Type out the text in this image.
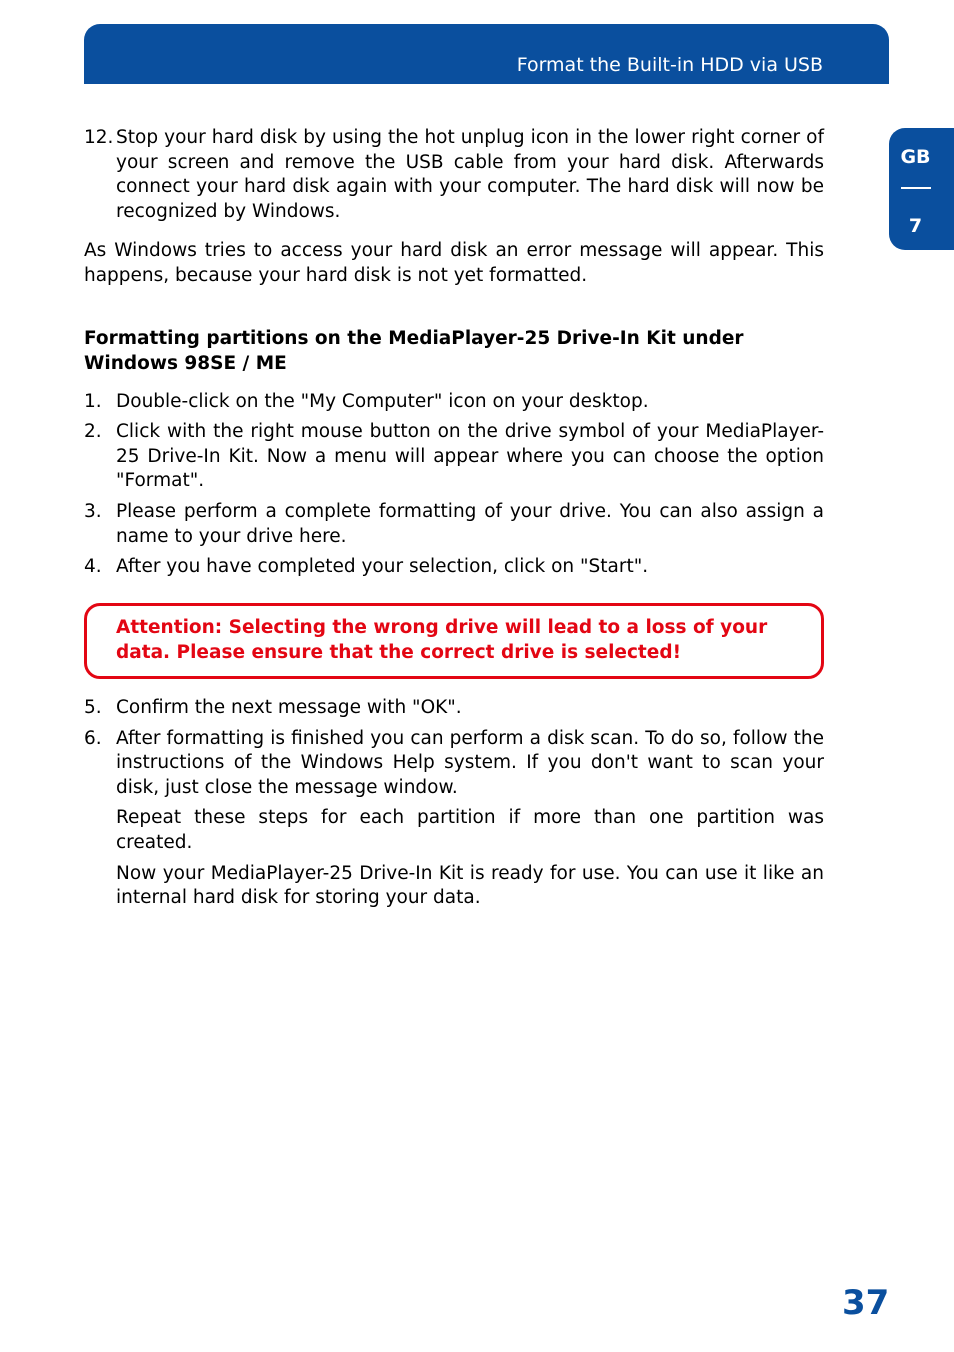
Format the Built-in HDD via USB
GB
7
12. Stop your hard disk by using the hot unplug icon in the lower right corner of your screen and remove the USB cable from your hard disk. Afterwards connect your hard disk again with your computer. The hard disk will now be recognized by Windows.

As Windows tries to access your hard disk an error message will appear. This happens, because your hard disk is not yet formatted.

Formatting partitions on the MediaPlayer-25 Drive-In Kit under Windows 98SE / ME

1. Double-click on the "My Computer" icon on your desktop.

2. Click with the right mouse button on the drive symbol of your MediaPlayer-25 Drive-In Kit. Now a menu will appear where you can choose the option "Format".

3. Please perform a complete formatting of your drive. You can also assign a name to your drive here.

4. After you have completed your selection, click on "Start".

Attention: Selecting the wrong drive will lead to a loss of your data. Please ensure that the correct drive is selected!

5. Confirm the next message with "OK".

6. After formatting is finished you can perform a disk scan. To do so, follow the instructions of the Windows Help system. If you don't want to scan your disk, just close the message window.

Repeat these steps for each partition if more than one partition was created.

Now your MediaPlayer-25 Drive-In Kit is ready for use. You can use it like an internal hard disk for storing your data.

37
